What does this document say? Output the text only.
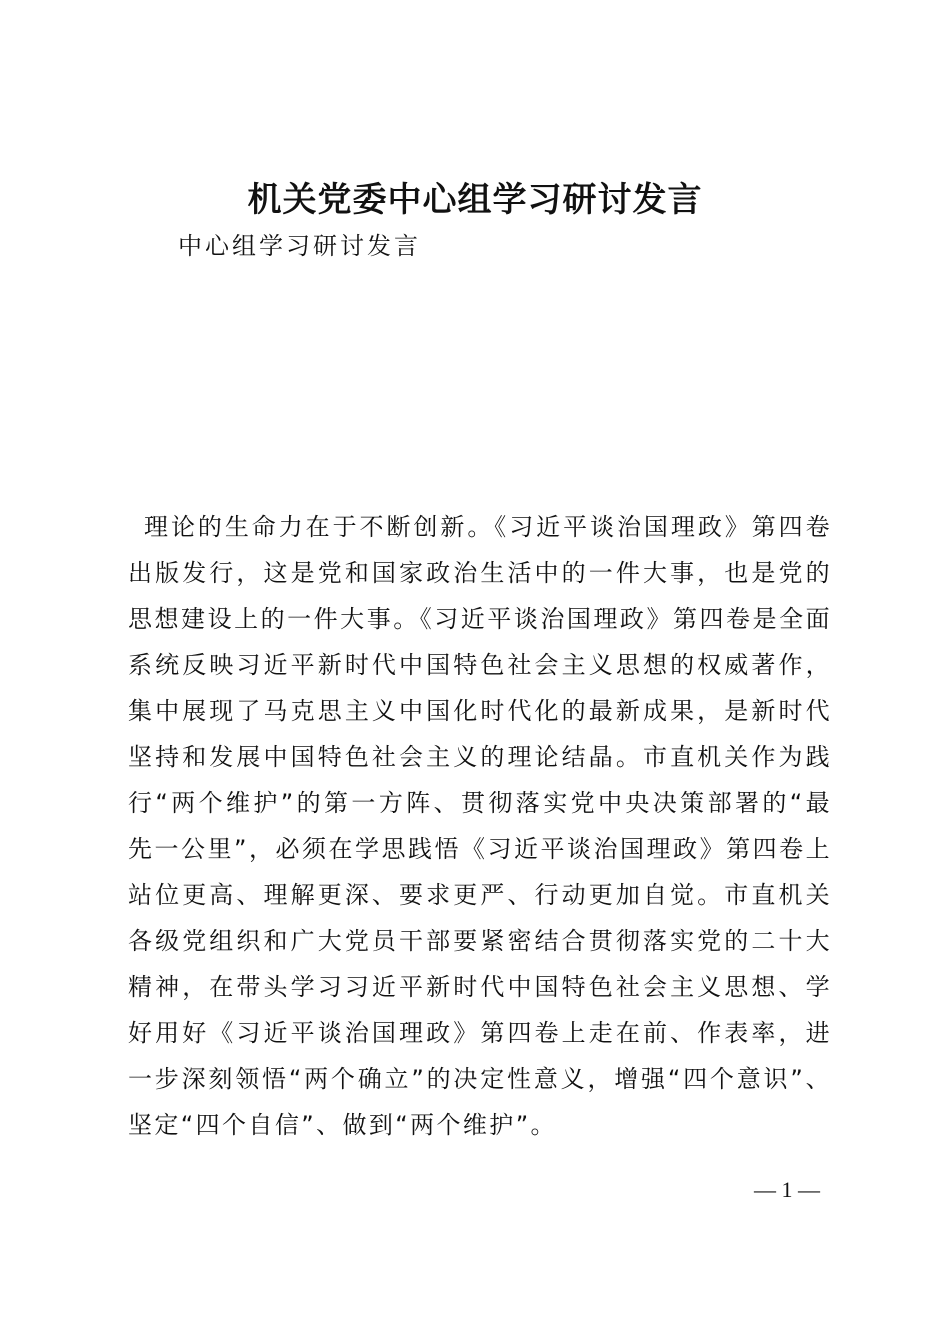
机关党委中心组学习研讨发言
中心组学习研讨发言
理论的生命力在于不断创新。《习近平谈治国理政》第四卷出版发行，这是党和国家政治生活中的一件大事，也是党的思想建设上的一件大事。《习近平谈治国理政》第四卷是全面系统反映习近平新时代中国特色社会主义思想的权威著作，集中展现了马克思主义中国化时代化的最新成果，是新时代坚持和发展中国特色社会主义的理论结晶。市直机关作为践行“两个维护”的第一方阵、贯彻落实党中央决策部署的“最先一公里”，必须在学思践悟《习近平谈治国理政》第四卷上站位更高、理解更深、要求更严、行动更加自觉。市直机关各级党组织和广大党员干部要紧密结合贯彻落实党的二十大精神，在带头学习习近平新时代中国特色社会主义思想、学好用好《习近平谈治国理政》第四卷上走在前、作表率，进一步深刻领悟“两个确立”的决定性意义，增强“四个意识”、坚定“四个自信”、做到“两个维护”。
— 1 —
